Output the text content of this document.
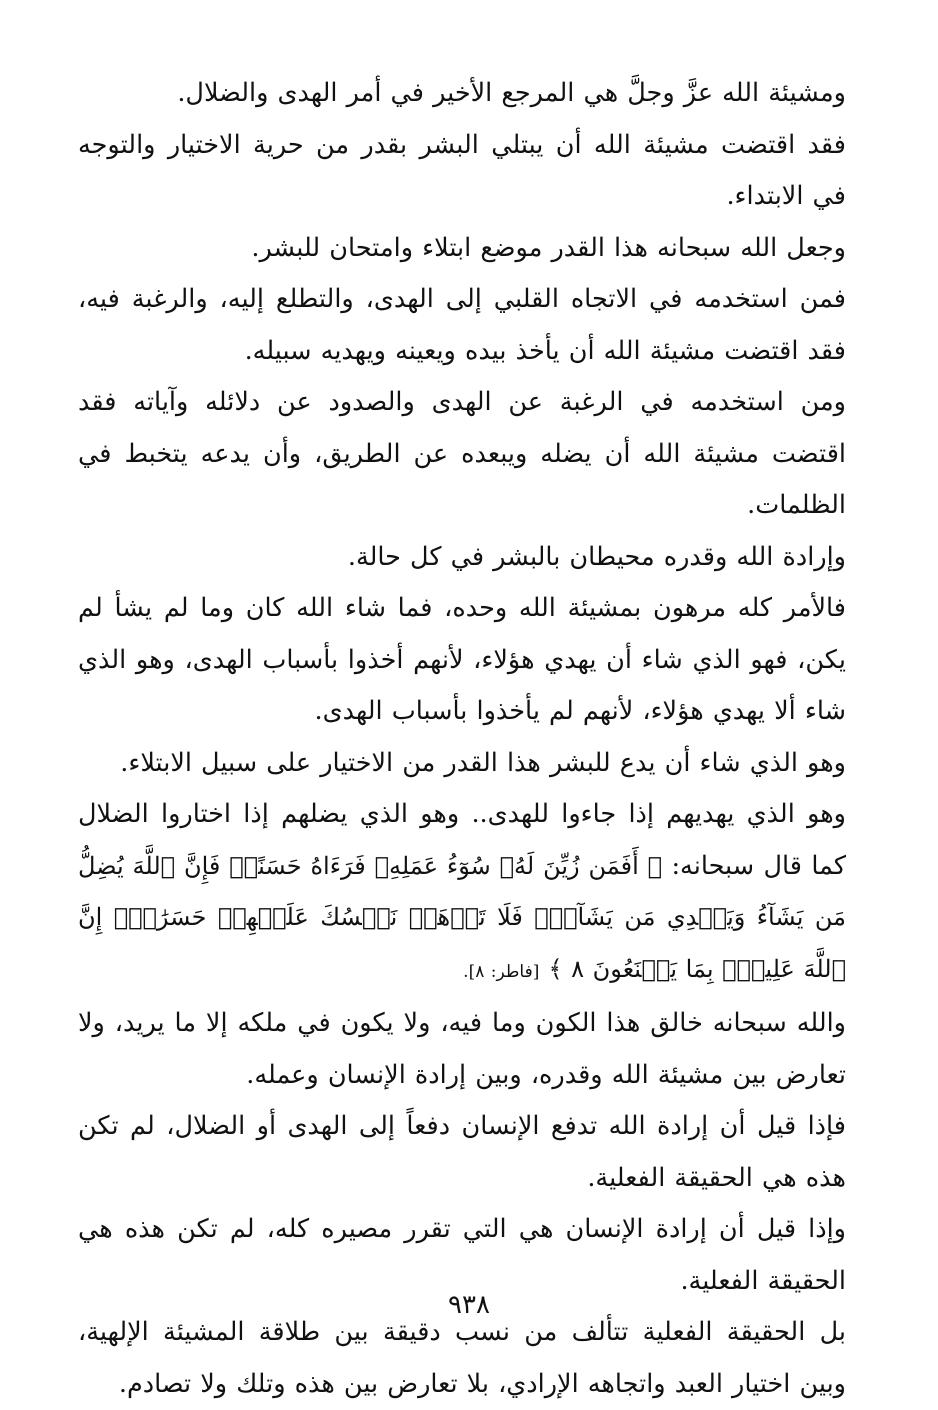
ومشيئة الله عزَّ وجلَّ هي المرجع الأخير في أمر الهدى والضلال.

فقد اقتضت مشيئة الله أن يبتلي البشر بقدر من حرية الاختيار والتوجه في الابتداء.

وجعل الله سبحانه هذا القدر موضع ابتلاء وامتحان للبشر.

فمن استخدمه في الاتجاه القلبي إلى الهدى، والتطلع إليه، والرغبة فيه، فقد اقتضت مشيئة الله أن يأخذ بيده ويعينه ويهديه سبيله.

ومن استخدمه في الرغبة عن الهدى والصدود عن دلائله وآياته فقد اقتضت مشيئة الله أن يضله ويبعده عن الطريق، وأن يدعه يتخبط في الظلمات.

وإرادة الله وقدره محيطان بالبشر في كل حالة.

فالأمر كله مرهون بمشيئة الله وحده، فما شاء الله كان وما لم يشأ لم يكن، فهو الذي شاء أن يهدي هؤلاء، لأنهم أخذوا بأسباب الهدى، وهو الذي شاء ألا يهدي هؤلاء، لأنهم لم يأخذوا بأسباب الهدى.

وهو الذي شاء أن يدع للبشر هذا القدر من الاختيار على سبيل الابتلاء.

وهو الذي يهديهم إذا جاءوا للهدى.. وهو الذي يضلهم إذا اختاروا الضلال كما قال سبحانه: ﴿ أَفَمَن زُيِّنَ لَهُۥ سُوٓءُ عَمَلِهِۦ فَرَءَاهُ حَسَنًاۖ فَإِنَّ ٱللَّهَ يُضِلُّ مَن يَشَآءُ وَيَهۡدِي مَن يَشَآءُۖ فَلَا تَذۡهَبۡ نَفۡسُكَ عَلَيۡهِمۡ حَسَرَٰتٍۚ إِنَّ ٱللَّهَ عَلِيمُۢ بِمَا يَصۡنَعُونَ ٨ ﴾ [فاطر: ٨].

والله سبحانه خالق هذا الكون وما فيه، ولا يكون في ملكه إلا ما يريد، ولا تعارض بين مشيئة الله وقدره، وبين إرادة الإنسان وعمله.

فإذا قيل أن إرادة الله تدفع الإنسان دفعاً إلى الهدى أو الضلال، لم تكن هذه هي الحقيقة الفعلية.

وإذا قيل أن إرادة الإنسان هي التي تقرر مصيره كله، لم تكن هذه هي الحقيقة الفعلية.

بل الحقيقة الفعلية تتألف من نسب دقيقة بين طلاقة المشيئة الإلهية، وبين اختيار العبد واتجاهه الإرادي، بلا تعارض بين هذه وتلك ولا تصادم.

٩٣٨
